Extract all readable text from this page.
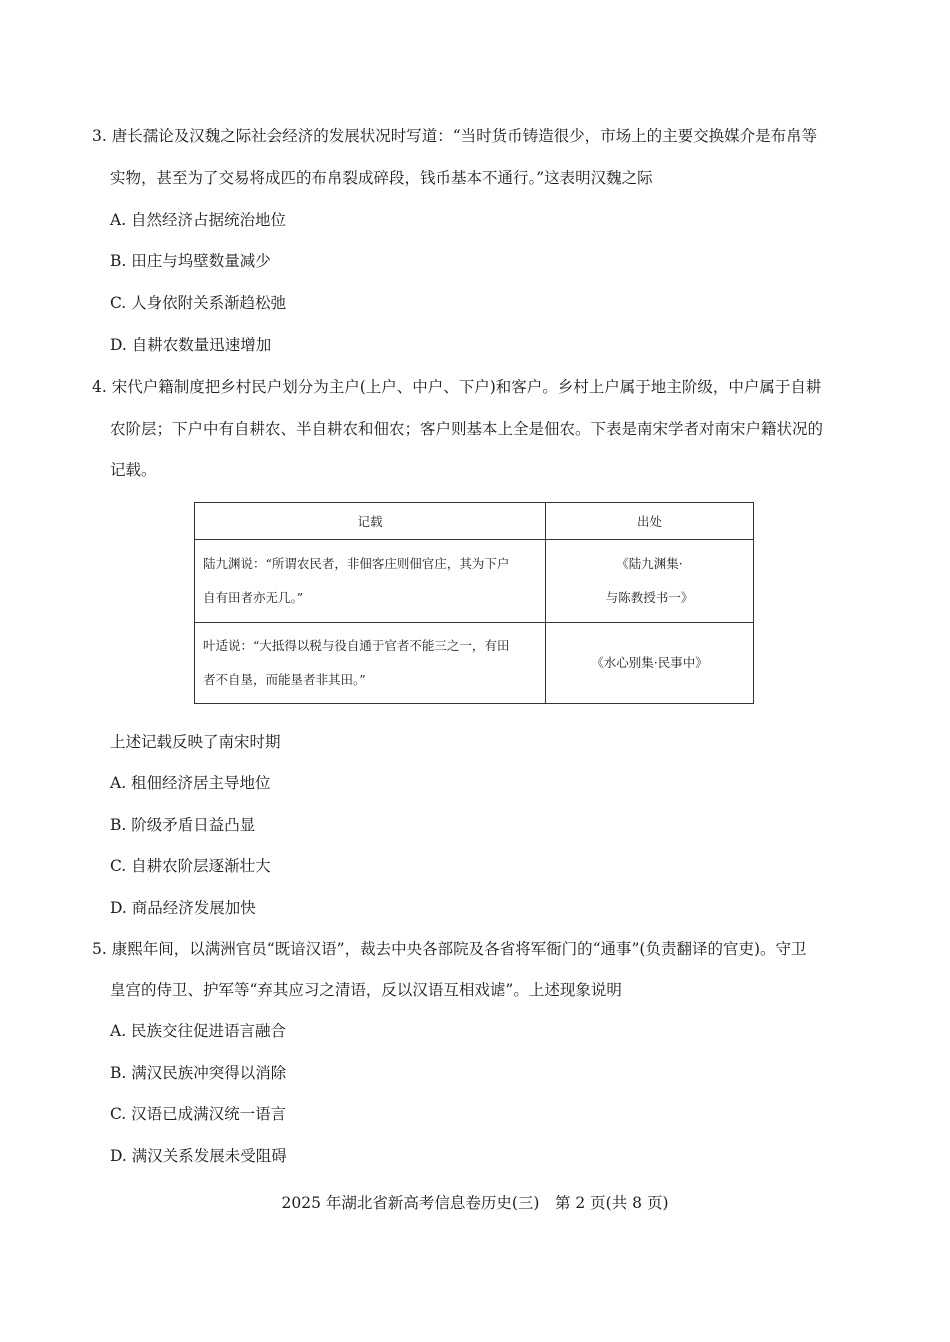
3. 唐长孺论及汉魏之际社会经济的发展状况时写道：“当时货币铸造很少，市场上的主要交换媒介是布帛等
实物，甚至为了交易将成匹的布帛裂成碎段，钱币基本不通行。”这表明汉魏之际
A. 自然经济占据统治地位
B. 田庄与坞壁数量减少
C. 人身依附关系渐趋松弛
D. 自耕农数量迅速增加
4. 宋代户籍制度把乡村民户划分为主户(上户、中户、下户)和客户。乡村上户属于地主阶级，中户属于自耕
农阶层；下户中有自耕农、半自耕农和佃农；客户则基本上全是佃农。下表是南宋学者对南宋户籍状况的
记载。
记载	出处

陆九渊说：“所谓农民者，非佃客庄则佃官庄，其为下户
自有田者亦无几。”	《陆九渊集·
与陈教授书一》

叶适说：“大抵得以税与役自通于官者不能三之一，有田
者不自垦，而能垦者非其田。”	《水心别集·民事中》
上述记载反映了南宋时期
A. 租佃经济居主导地位
B. 阶级矛盾日益凸显
C. 自耕农阶层逐渐壮大
D. 商品经济发展加快
5. 康熙年间，以满洲官员“既谙汉语”，裁去中央各部院及各省将军衙门的“通事”(负责翻译的官吏)。守卫
皇宫的侍卫、护军等“弃其应习之清语，反以汉语互相戏谑”。上述现象说明
A. 民族交往促进语言融合
B. 满汉民族冲突得以消除
C. 汉语已成满汉统一语言
D. 满汉关系发展未受阻碍
2025 年湖北省新高考信息卷历史(三)　第 2 页(共 8 页)
